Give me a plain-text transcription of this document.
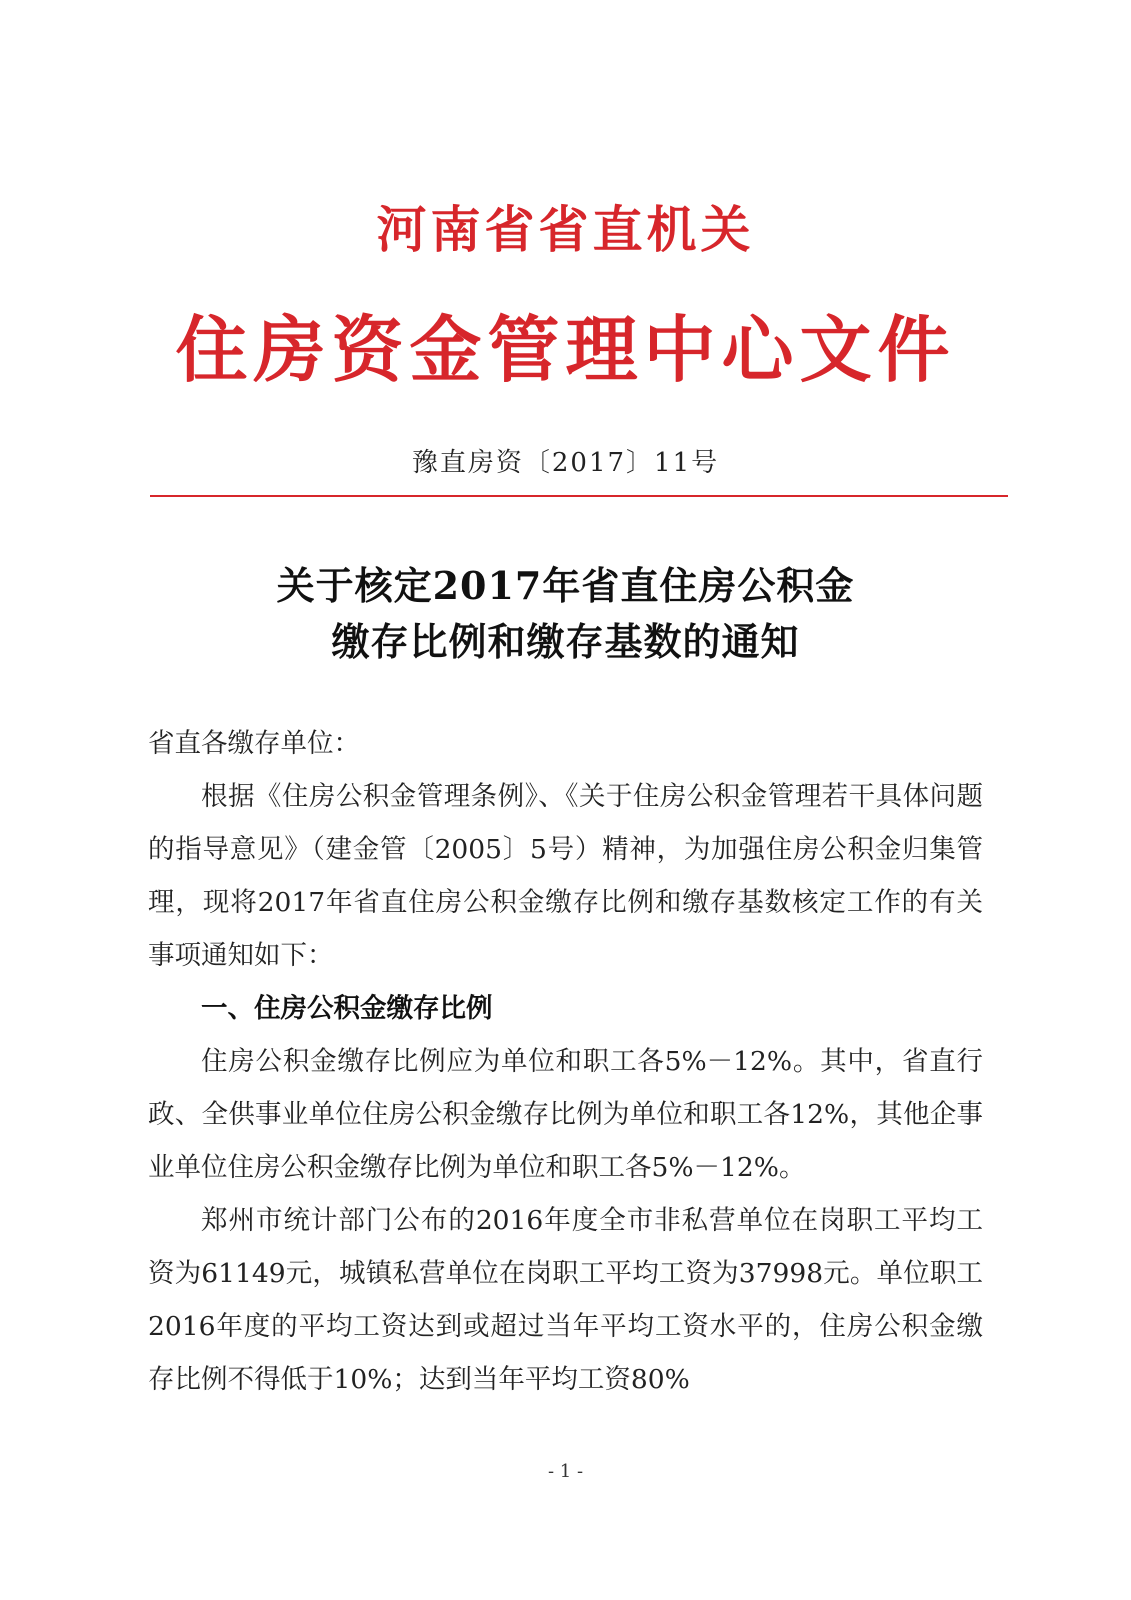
河南省省直机关
住房资金管理中心文件
豫直房资〔2017〕11号
关于核定2017年省直住房公积金
缴存比例和缴存基数的通知

省直各缴存单位：

根据《住房公积金管理条例》、《关于住房公积金管理若干具体问题的指导意见》（建金管〔2005〕5号）精神，为加强住房公积金归集管理，现将2017年省直住房公积金缴存比例和缴存基数核定工作的有关事项通知如下：

一、住房公积金缴存比例

住房公积金缴存比例应为单位和职工各5%－12%。其中，省直行政、全供事业单位住房公积金缴存比例为单位和职工各12%，其他企事业单位住房公积金缴存比例为单位和职工各5%－12%。

郑州市统计部门公布的2016年度全市非私营单位在岗职工平均工资为61149元，城镇私营单位在岗职工平均工资为37998元。单位职工2016年度的平均工资达到或超过当年平均工资水平的，住房公积金缴存比例不得低于10%；达到当年平均工资80%

- 1 -
